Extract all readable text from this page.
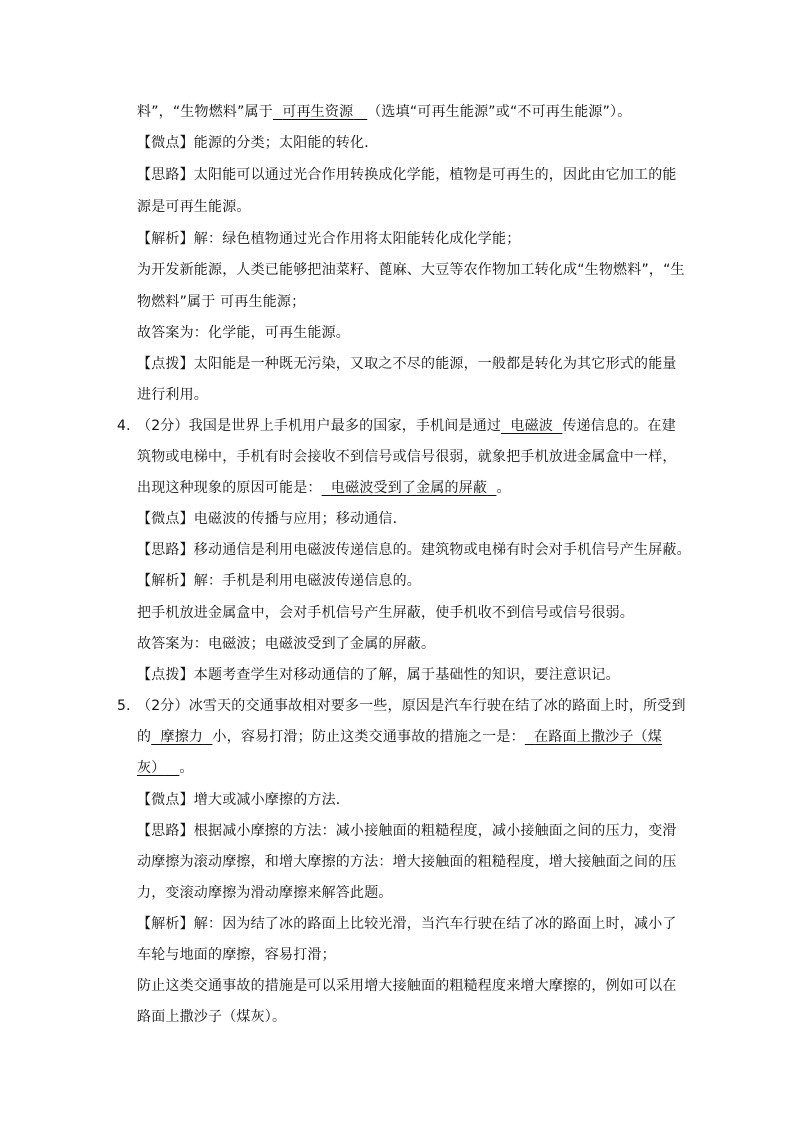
料”，“生物燃料”属于 可再生资源 （选填“可再生能源”或“不可再生能源”）。
【微点】能源的分类；太阳能的转化．
【思路】太阳能可以通过光合作用转换成化学能，植物是可再生的，因此由它加工的能
源是可再生能源。
【解析】解：绿色植物通过光合作用将太阳能转化成化学能；
为开发新能源，人类已能够把油菜籽、蓖麻、大豆等农作物加工转化成“生物燃料”，“生
物燃料”属于 可再生能源；
故答案为：化学能，可再生能源。
【点拨】太阳能是一种既无污染，又取之不尽的能源，一般都是转化为其它形式的能量
进行利用。
4．
（2分）我国是世界上手机用户最多的国家，手机间是通过 电磁波 传递信息的。在建
筑物或电梯中，手机有时会接收不到信号或信号很弱，就象把手机放进金属盒中一样，
出现这种现象的原因可能是： 电磁波受到了金属的屏蔽 。
【微点】电磁波的传播与应用；移动通信．
【思路】移动通信是利用电磁波传递信息的。建筑物或电梯有时会对手机信号产生屏蔽。
【解析】解：手机是利用电磁波传递信息的。
把手机放进金属盒中，会对手机信号产生屏蔽，使手机收不到信号或信号很弱。
故答案为：电磁波；电磁波受到了金属的屏蔽。
【点拨】本题考查学生对移动通信的了解，属于基础性的知识，要注意识记。
5．
（2分）冰雪天的交通事故相对要多一些，原因是汽车行驶在结了冰的路面上时，所受到
的 摩擦力 小，容易打滑；防止这类交通事故的措施之一是： 在路面上撒沙子（煤
灰） 。
【微点】增大或减小摩擦的方法．
【思路】根据减小摩擦的方法：减小接触面的粗糙程度，减小接触面之间的压力，变滑
动摩擦为滚动摩擦，和增大摩擦的方法：增大接触面的粗糙程度，增大接触面之间的压
力，变滚动摩擦为滑动摩擦来解答此题。
【解析】解：因为结了冰的路面上比较光滑，当汽车行驶在结了冰的路面上时，减小了
车轮与地面的摩擦，容易打滑；
防止这类交通事故的措施是可以采用增大接触面的粗糙程度来增大摩擦的，例如可以在
路面上撒沙子（煤灰）。
